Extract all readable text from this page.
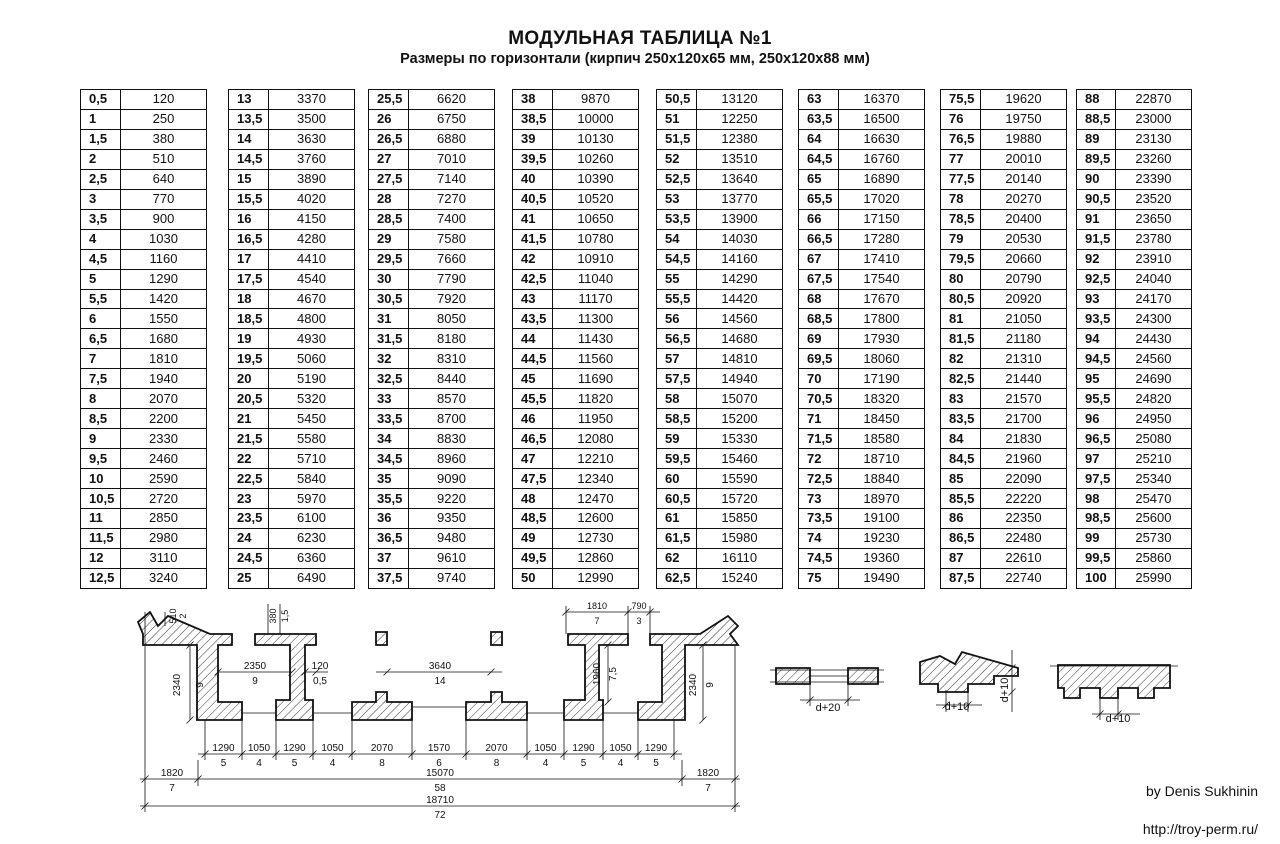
МОДУЛЬНАЯ ТАБЛИЦА №1
Размеры по горизонтали (кирпич 250x120x65 мм, 250x120x88 мм)
0,5	120
1	250
1,5	380
2	510
2,5	640
3	770
3,5	900
4	1030
4,5	1160
5	1290
5,5	1420
6	1550
6,5	1680
7	1810
7,5	1940
8	2070
8,5	2200
9	2330
9,5	2460
10	2590
10,5	2720
11	2850
11,5	2980
12	3110
12,5	3240
13	3370
13,5	3500
14	3630
14,5	3760
15	3890
15,5	4020
16	4150
16,5	4280
17	4410
17,5	4540
18	4670
18,5	4800
19	4930
19,5	5060
20	5190
20,5	5320
21	5450
21,5	5580
22	5710
22,5	5840
23	5970
23,5	6100
24	6230
24,5	6360
25	6490
25,5	6620
26	6750
26,5	6880
27	7010
27,5	7140
28	7270
28,5	7400
29	7580
29,5	7660
30	7790
30,5	7920
31	8050
31,5	8180
32	8310
32,5	8440
33	8570
33,5	8700
34	8830
34,5	8960
35	9090
35,5	9220
36	9350
36,5	9480
37	9610
37,5	9740
38	9870
38,5	10000
39	10130
39,5	10260
40	10390
40,5	10520
41	10650
41,5	10780
42	10910
42,5	11040
43	11170
43,5	11300
44	11430
44,5	11560
45	11690
45,5	11820
46	11950
46,5	12080
47	12210
47,5	12340
48	12470
48,5	12600
49	12730
49,5	12860
50	12990
50,5	13120
51	12250
51,5	12380
52	13510
52,5	13640
53	13770
53,5	13900
54	14030
54,5	14160
55	14290
55,5	14420
56	14560
56,5	14680
57	14810
57,5	14940
58	15070
58,5	15200
59	15330
59,5	15460
60	15590
60,5	15720
61	15850
61,5	15980
62	16110
62,5	15240
63	16370
63,5	16500
64	16630
64,5	16760
65	16890
65,5	17020
66	17150
66,5	17280
67	17410
67,5	17540
68	17670
68,5	17800
69	17930
69,5	18060
70	17190
70,5	18320
71	18450
71,5	18580
72	18710
72,5	18840
73	18970
73,5	19100
74	19230
74,5	19360
75	19490
75,5	19620
76	19750
76,5	19880
77	20010
77,5	20140
78	20270
78,5	20400
79	20530
79,5	20660
80	20790
80,5	20920
81	21050
81,5	21180
82	21310
82,5	21440
83	21570
83,5	21700
84	21830
84,5	21960
85	22090
85,5	22220
86	22350
86,5	22480
87	22610
87,5	22740
88	22870
88,5	23000
89	23130
89,5	23260
90	23390
90,5	23520
91	23650
91,5	23780
92	23910
92,5	24040
93	24170
93,5	24300
94	24430
94,5	24560
95	24690
95,5	24820
96	24950
96,5	25080
97	25210
97,5	25340
98	25470
98,5	25600
99	25730
99,5	25860
100	25990
510 2	380 1,5
1810
7
790
3
2340 9
2350
9
120
0,5
3640
14	1960 7,5	2340 9
1290
5
1050
4
1290
5
1050
4
2070
8
1570
6
2070
8
1050
4
1290
5
1050
4
1290
5
1820
7
15070
58
1820
7
18710
72
d+20	d+10
d+10
d+10
by Denis Sukhinin
http://troy-perm.ru/
